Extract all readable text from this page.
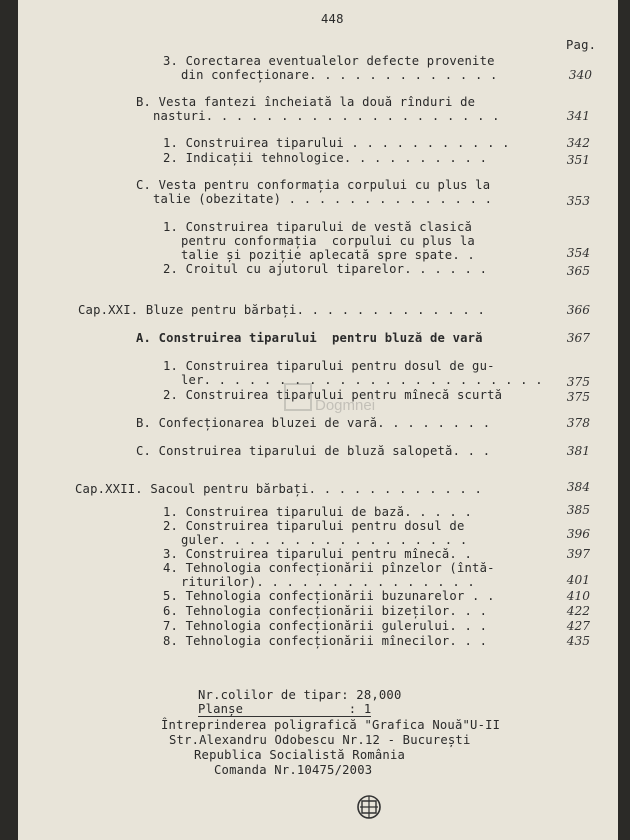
448
Pag.
3. Corectarea eventualelor defecte provenite
din confecționare. . . . . . . . . . . . .	340
B. Vesta fantezi încheiată la două rînduri de
nasturi. . . . . . . . . . . . . . . . . . . .	341
1. Construirea tiparului . . . . . . . . . . .	342
2. Indicații tehnologice. . . . . . . . . .	351
C. Vesta pentru conformația corpului cu plus la
talie (obezitate) . . . . . . . . . . . . . .	353
1. Construirea tiparului de vestă clasică
pentru conformația  corpului cu plus la
talie și poziție aplecată spre spate. .	354
2. Croitul cu ajutorul tiparelor. . . . . .	365
Cap.XXI. Bluze pentru bărbați. . . . . . . . . . . . .	366
A. Construirea tiparului  pentru bluză de vară	367
1. Construirea tiparului pentru dosul de gu-
ler. . . . . . . . . . . . . . . . . . . . . . .	375
2. Construirea tiparului pentru mînecă scurtă	375
B. Confecționarea bluzei de vară. . . . . . . .	378
C. Construirea tiparului de bluză salopetă. . .	381
Cap.XXII. Sacoul pentru bărbați. . . . . . . . . . . .	384
1. Construirea tiparului de bază. . . . .	385
2. Construirea tiparului pentru dosul de
guler. . . . . . . . . . . . . . . . .	396
3. Construirea tiparului pentru mînecă. .	397
4. Tehnologia confecționării pînzelor (întă-
riturilor). . . . . . . . . . . . . . .	401
5. Tehnologia confecționării buzunarelor . .	410
6. Tehnologia confecționării bizeților. . .	422
7. Tehnologia confecționării gulerului. . .	427
8. Tehnologia confecționării mînecilor. . .	435
Dogmnei
Nr.colilor de tipar: 28,000
Planșe              : 1
Întreprinderea poligrafică "Grafica Nouă"U-II
Str.Alexandru Odobescu Nr.12 - București
Republica Socialistă România
Comanda Nr.10475/2003
